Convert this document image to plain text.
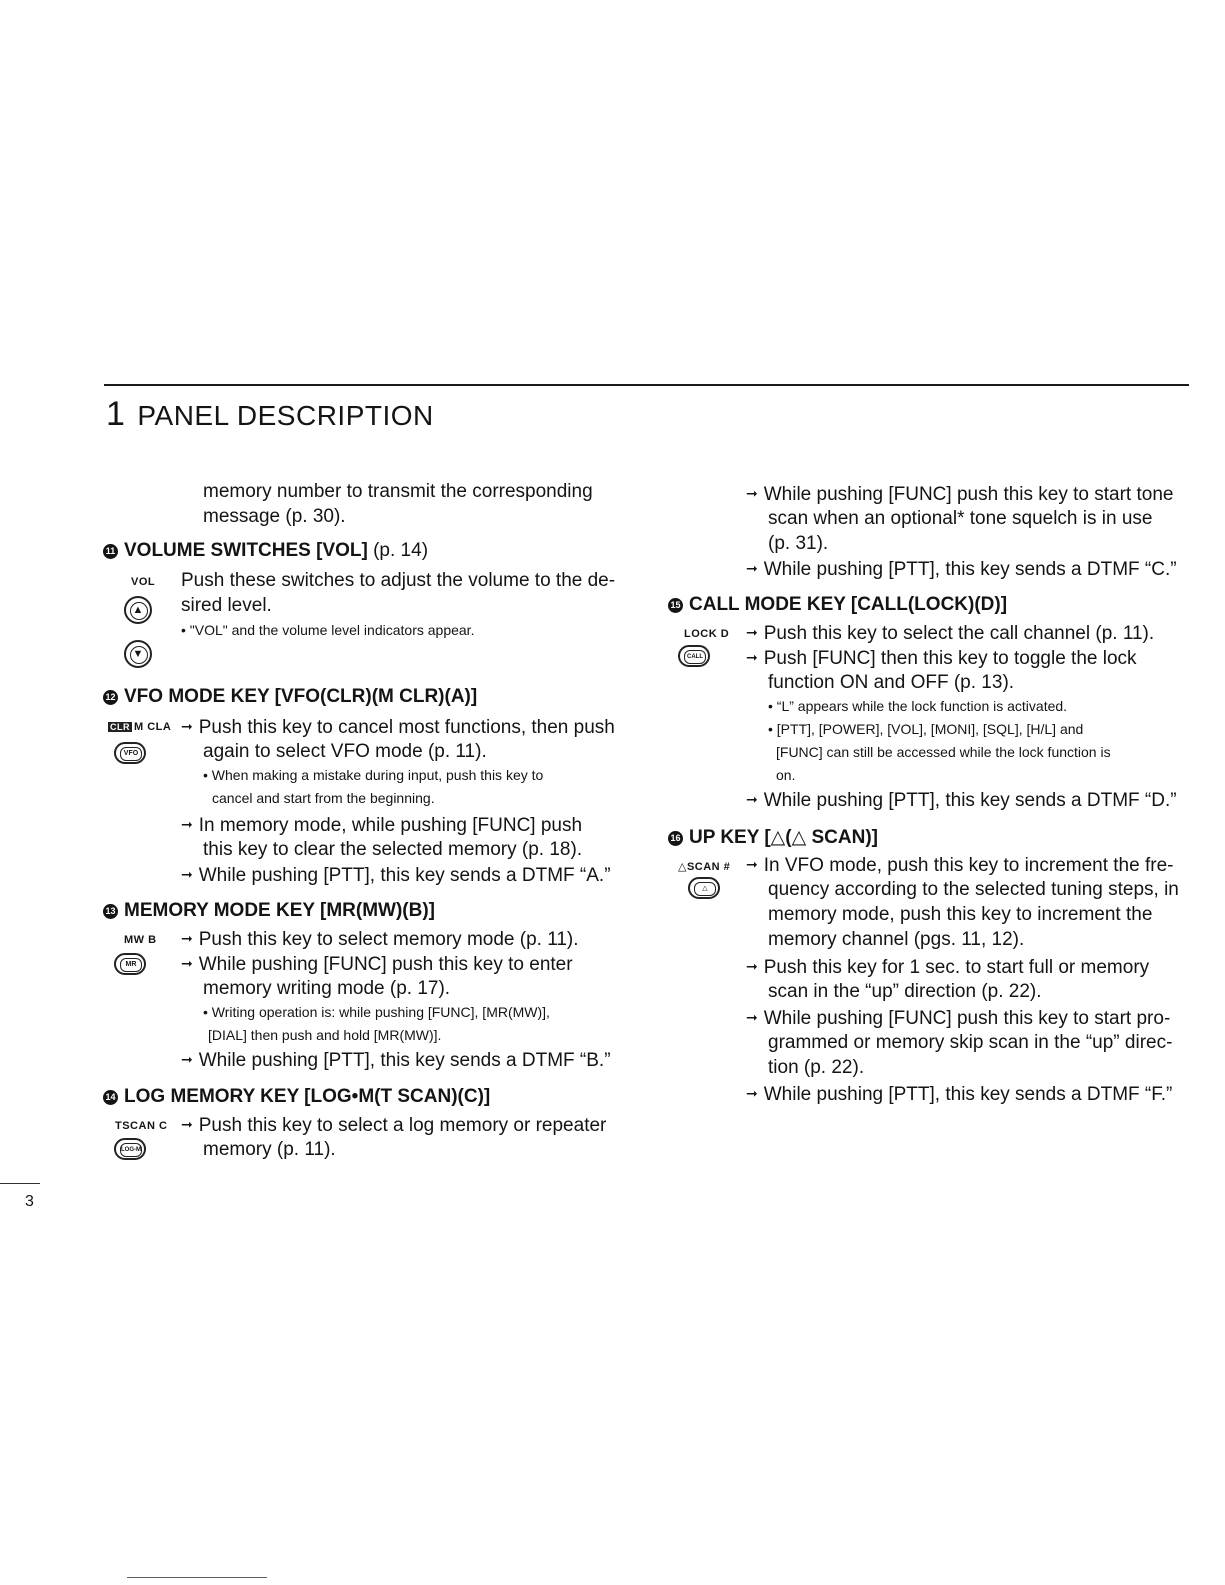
1 PANEL DESCRIPTION
memory number to transmit the corresponding
message (p. 30).
11 VOLUME SWITCHES [VOL] (p. 14)
VOL
▲
▼
Push these switches to adjust the volume to the de-
sired level.
• "VOL" and the volume level indicators appear.
12 VFO MODE KEY [VFO(CLR)(M CLR)(A)]
CLR M CLA
VFO
➞ Push this key to cancel most functions, then push
again to select VFO mode (p. 11).
• When making a mistake during input, push this key to
cancel and start from the beginning.
➞ In memory mode, while pushing [FUNC] push
this key to clear the selected memory (p. 18).
➞ While pushing [PTT], this key sends a DTMF “A.”
13 MEMORY MODE KEY [MR(MW)(B)]
MW B
MR
➞ Push this key to select memory mode (p. 11).
➞ While pushing [FUNC] push this key to enter
memory writing mode (p. 17).
• Writing operation is: while pushing [FUNC], [MR(MW)],
[DIAL] then push and hold [MR(MW)].
➞ While pushing [PTT], this key sends a DTMF “B.”
14 LOG MEMORY KEY [LOG•M(T SCAN)(C)]
TSCAN C
LOG-M
➞ Push this key to select a log memory or repeater
memory (p. 11).
➞ While pushing [FUNC] push this key to start tone
scan when an optional* tone squelch is in use
(p. 31).
➞ While pushing [PTT], this key sends a DTMF “C.”
15 CALL MODE KEY [CALL(LOCK)(D)]
LOCK D
CALL
➞ Push this key to select the call channel (p. 11).
➞ Push [FUNC] then this key to toggle the lock
function ON and OFF (p. 13).
• “L” appears while the lock function is activated.
• [PTT], [POWER], [VOL], [MONI], [SQL], [H/L] and
[FUNC] can still be accessed while the lock function is
on.
➞ While pushing [PTT], this key sends a DTMF “D.”
16 UP KEY [△(△ SCAN)]
△SCAN #
△
➞ In VFO mode, push this key to increment the fre-
quency according to the selected tuning steps, in
memory mode, push this key to increment the
memory channel (pgs. 11, 12).
➞ Push this key for 1 sec. to start full or memory
scan in the “up” direction (p. 22).
➞ While pushing [FUNC] push this key to start pro-
grammed or memory skip scan in the “up” direc-
tion (p. 22).
➞ While pushing [PTT], this key sends a DTMF “F.”
3
